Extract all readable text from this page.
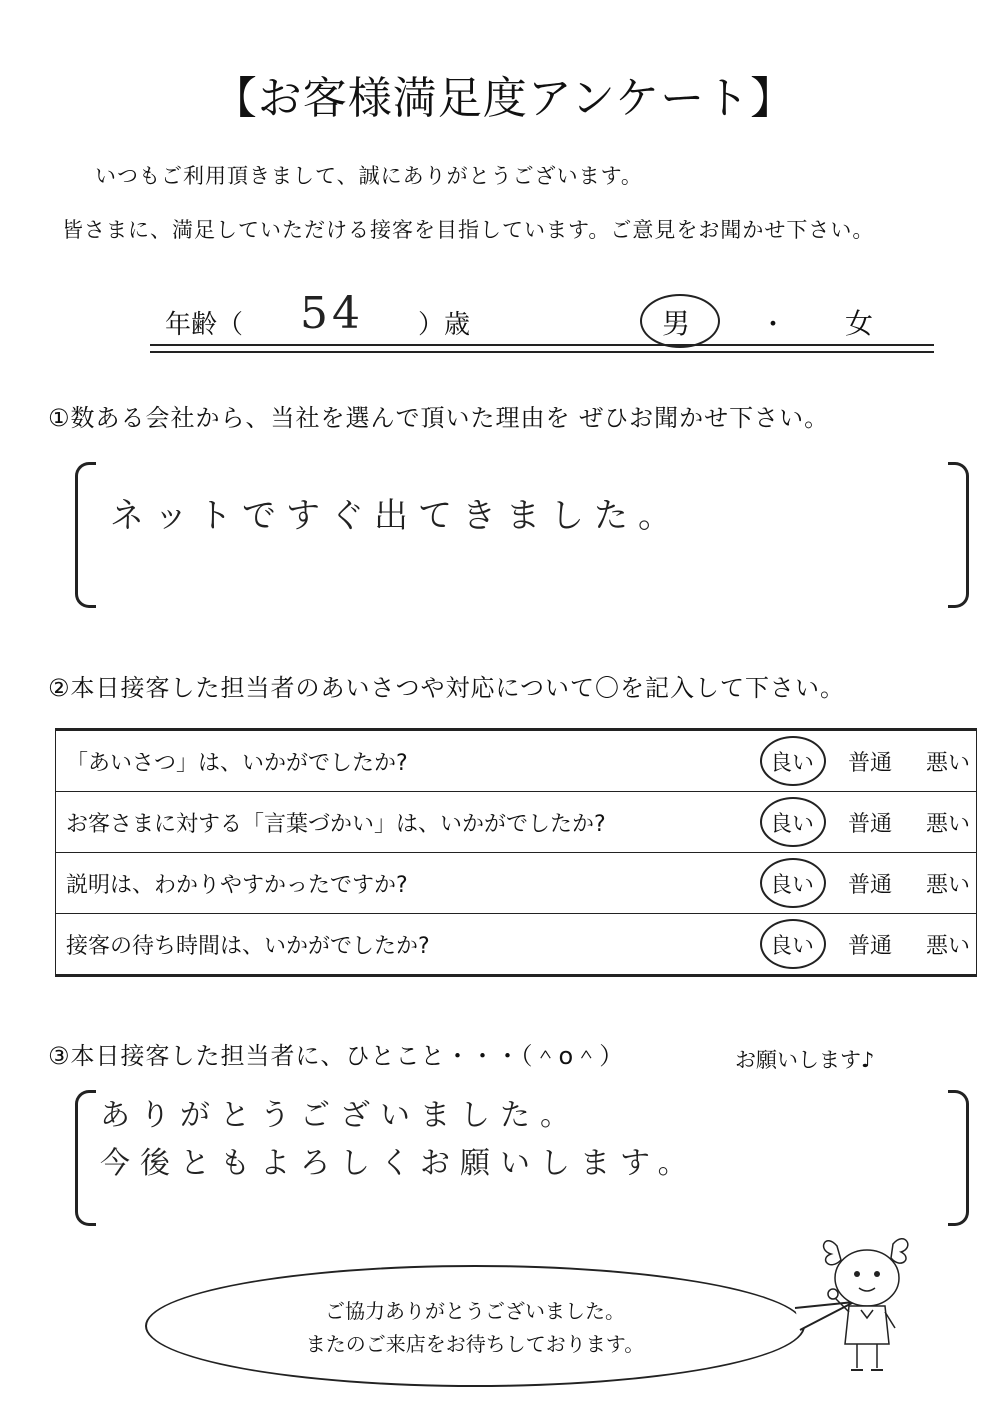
【お客様満足度アンケート】
いつもご利用頂きまして、誠にありがとうございます。
皆さまに、満足していただける接客を目指しています。ご意見をお聞かせ下さい。
年齢（ 54 ）歳	男	・ 女
①数ある会社から、当社を選んで頂いた理由を ぜひお聞かせ下さい。
ネットですぐ出てきました。
②本日接客した担当者のあいさつや対応について〇を記入して下さい。
「あいさつ」は、いかがでしたか?	良い 普通 悪い

お客さまに対する「言葉づかい」は、いかがでしたか?	良い 普通 悪い

説明は、わかりやすかったですか?	良い 普通 悪い

接客の待ち時間は、いかがでしたか?	良い 普通 悪い
③本日接客した担当者に、ひとこと・・・（＾o＾）	お願いします♪
ありがとうございました。
今後ともよろしくお願いします。
ご協力ありがとうございました。
またのご来店をお待ちしております。
